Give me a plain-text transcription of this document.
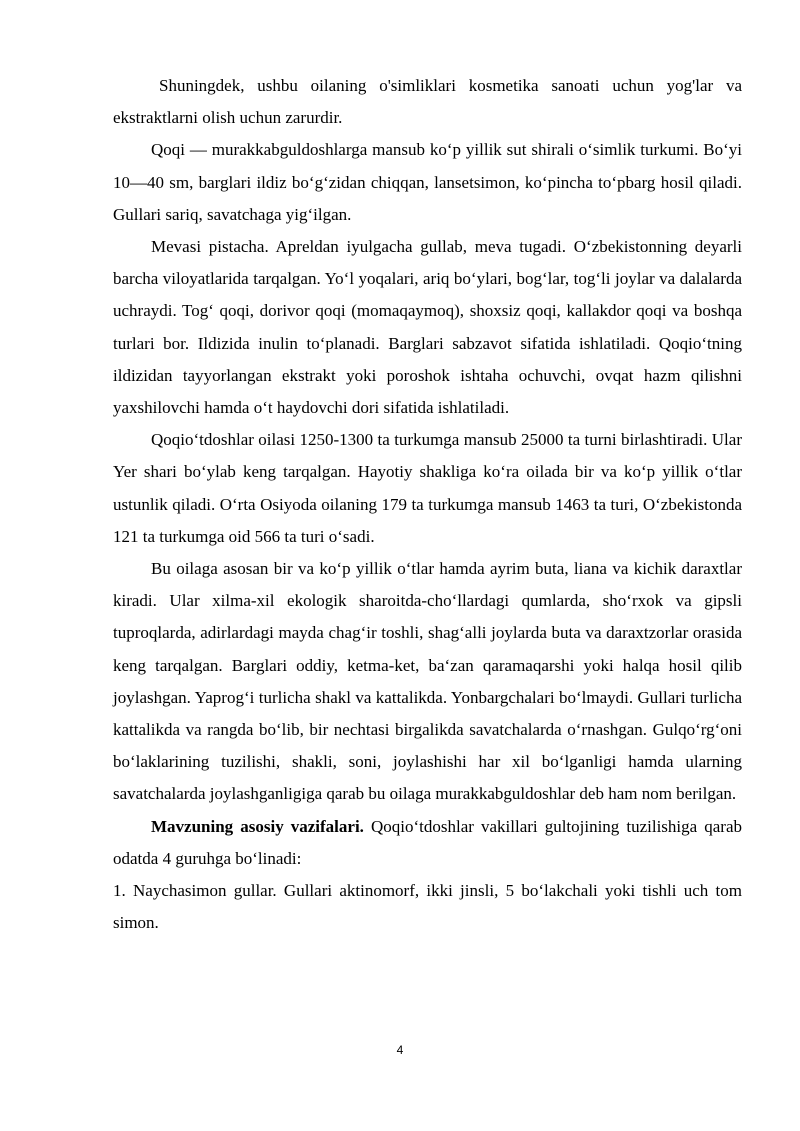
Shuningdek, ushbu oilaning o'simliklari kosmetika sanoati uchun yog'lar va ekstraktlarni olish uchun zarurdir.

Qoqi — murakkabguldoshlarga mansub ko‘p yillik sut shirali o‘simlik turkumi. Bo‘yi 10—40 sm, barglari ildiz bo‘g‘zidan chiqqan, lansetsimon, ko‘pincha to‘pbarg hosil qiladi. Gullari sariq, savatchaga yig‘ilgan.

Mevasi pistacha. Apreldan iyulgacha gullab, meva tugadi. O‘zbekistonning deyarli barcha viloyatlarida tarqalgan. Yo‘l yoqalari, ariq bo‘ylari, bog‘lar, tog‘li joylar va dalalarda uchraydi. Tog‘ qoqi, dorivor qoqi (momaqaymoq), shoxsiz qoqi, kallakdor qoqi va boshqa turlari bor. Ildizida inulin to‘planadi. Barglari sabzavot sifatida ishlatiladi. Qoqio‘tning ildizidan tayyorlangan ekstrakt yoki poroshok ishtaha ochuvchi, ovqat hazm qilishni yaxshilovchi hamda o‘t haydovchi dori sifatida ishlatiladi.

Qoqio‘tdoshlar oilasi 1250-1300 ta turkumga mansub 25000 ta turni birlashtiradi. Ular Yer shari bo‘ylab keng tarqalgan. Hayotiy shakliga ko‘ra oilada bir va ko‘p yillik o‘tlar ustunlik qiladi. O‘rta Osiyoda oilaning 179 ta turkumga mansub 1463 ta turi, O‘zbekistonda 121 ta turkumga oid 566 ta turi o‘sadi.

Bu oilaga asosan bir va ko‘p yillik o‘tlar hamda ayrim buta, liana va kichik daraxtlar kiradi. Ular xilma-xil ekologik sharoitda-cho‘llardagi qumlarda, sho‘rxok va gipsli tuproqlarda, adirlardagi mayda chag‘ir toshli, shag‘alli joylarda buta va daraxtzorlar orasida keng tarqalgan. Barglari oddiy, ketma-ket, ba‘zan qaramaqarshi yoki halqa hosil qilib joylashgan. Yaprog‘i turlicha shakl va kattalikda. Yonbargchalari bo‘lmaydi. Gullari turlicha kattalikda va rangda bo‘lib, bir nechtasi birgalikda savatchalarda o‘rnashgan. Gulqo‘rg‘oni bo‘laklarining tuzilishi, shakli, soni, joylashishi har xil bo‘lganligi hamda ularning savatchalarda joylashganligiga qarab bu oilaga murakkabguldoshlar deb ham nom berilgan.

Mavzuning asosiy vazifalari. Qoqio‘tdoshlar vakillari gultojining tuzilishiga qarab odatda 4 guruhga bo‘linadi:

1. Naychasimon gullar. Gullari aktinomorf, ikki jinsli, 5 bo‘lakchali yoki tishli uch tom simon.

4
